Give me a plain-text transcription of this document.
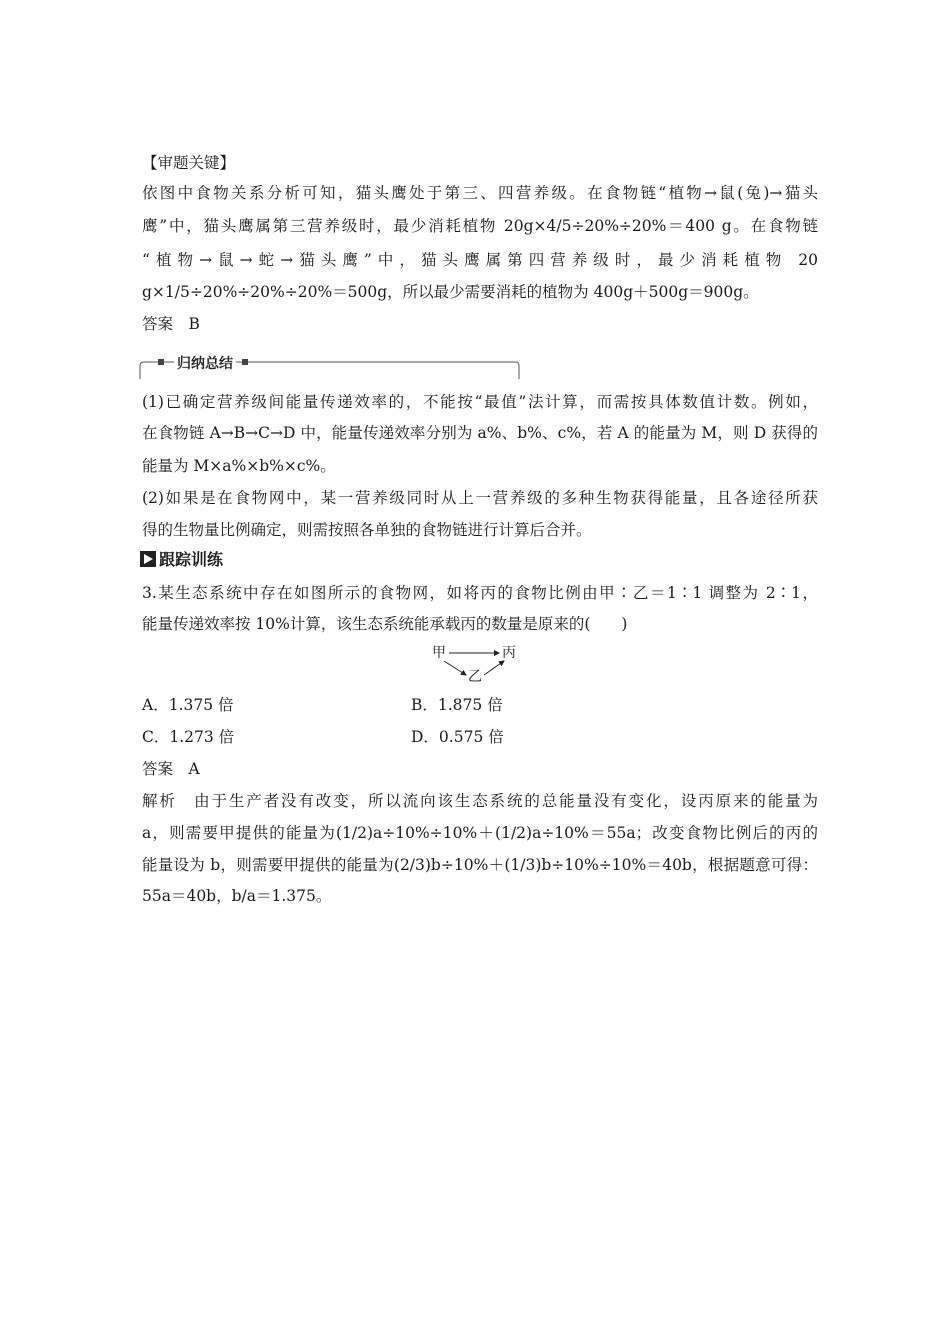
【审题关键】
依图中食物关系分析可知，猫头鹰处于第三、四营养级。在食物链“植物→鼠(兔)→猫头
鹰”中，猫头鹰属第三营养级时，最少消耗植物 20g×4/5÷20%÷20%＝400 g。在食物链
“植物→鼠→蛇→猫头鹰”中，猫头鹰属第四营养级时，最少消耗植物 20
g×1/5÷20%÷20%÷20%＝500g，所以最少需要消耗的植物为 400g＋500g＝900g。
答案　B
归纳总结
(1)已确定营养级间能量传递效率的，不能按“最值”法计算，而需按具体数值计数。例如，
在食物链 A→B→C→D 中，能量传递效率分别为 a%、b%、c%，若 A 的能量为 M，则 D 获得的
能量为 M×a%×b%×c%。
(2)如果是在食物网中，某一营养级同时从上一营养级的多种生物获得能量，且各途径所获
得的生物量比例确定，则需按照各单独的食物链进行计算后合并。
跟踪训练
3.某生态系统中存在如图所示的食物网，如将丙的食物比例由甲∶乙＝1∶1 调整为 2∶1，
能量传递效率按 10%计算，该生态系统能承载丙的数量是原来的(　　)
甲	丙
乙
A．1.375 倍	B．1.875 倍
C．1.273 倍	D．0.575 倍
答案　A
解析　由于生产者没有改变，所以流向该生态系统的总能量没有变化，设丙原来的能量为
a，则需要甲提供的能量为(1/2)a÷10%÷10%＋(1/2)a÷10%＝55a；改变食物比例后的丙的
能量设为 b，则需要甲提供的能量为(2/3)b÷10%＋(1/3)b÷10%÷10%＝40b，根据题意可得：
55a＝40b，b/a＝1.375。
